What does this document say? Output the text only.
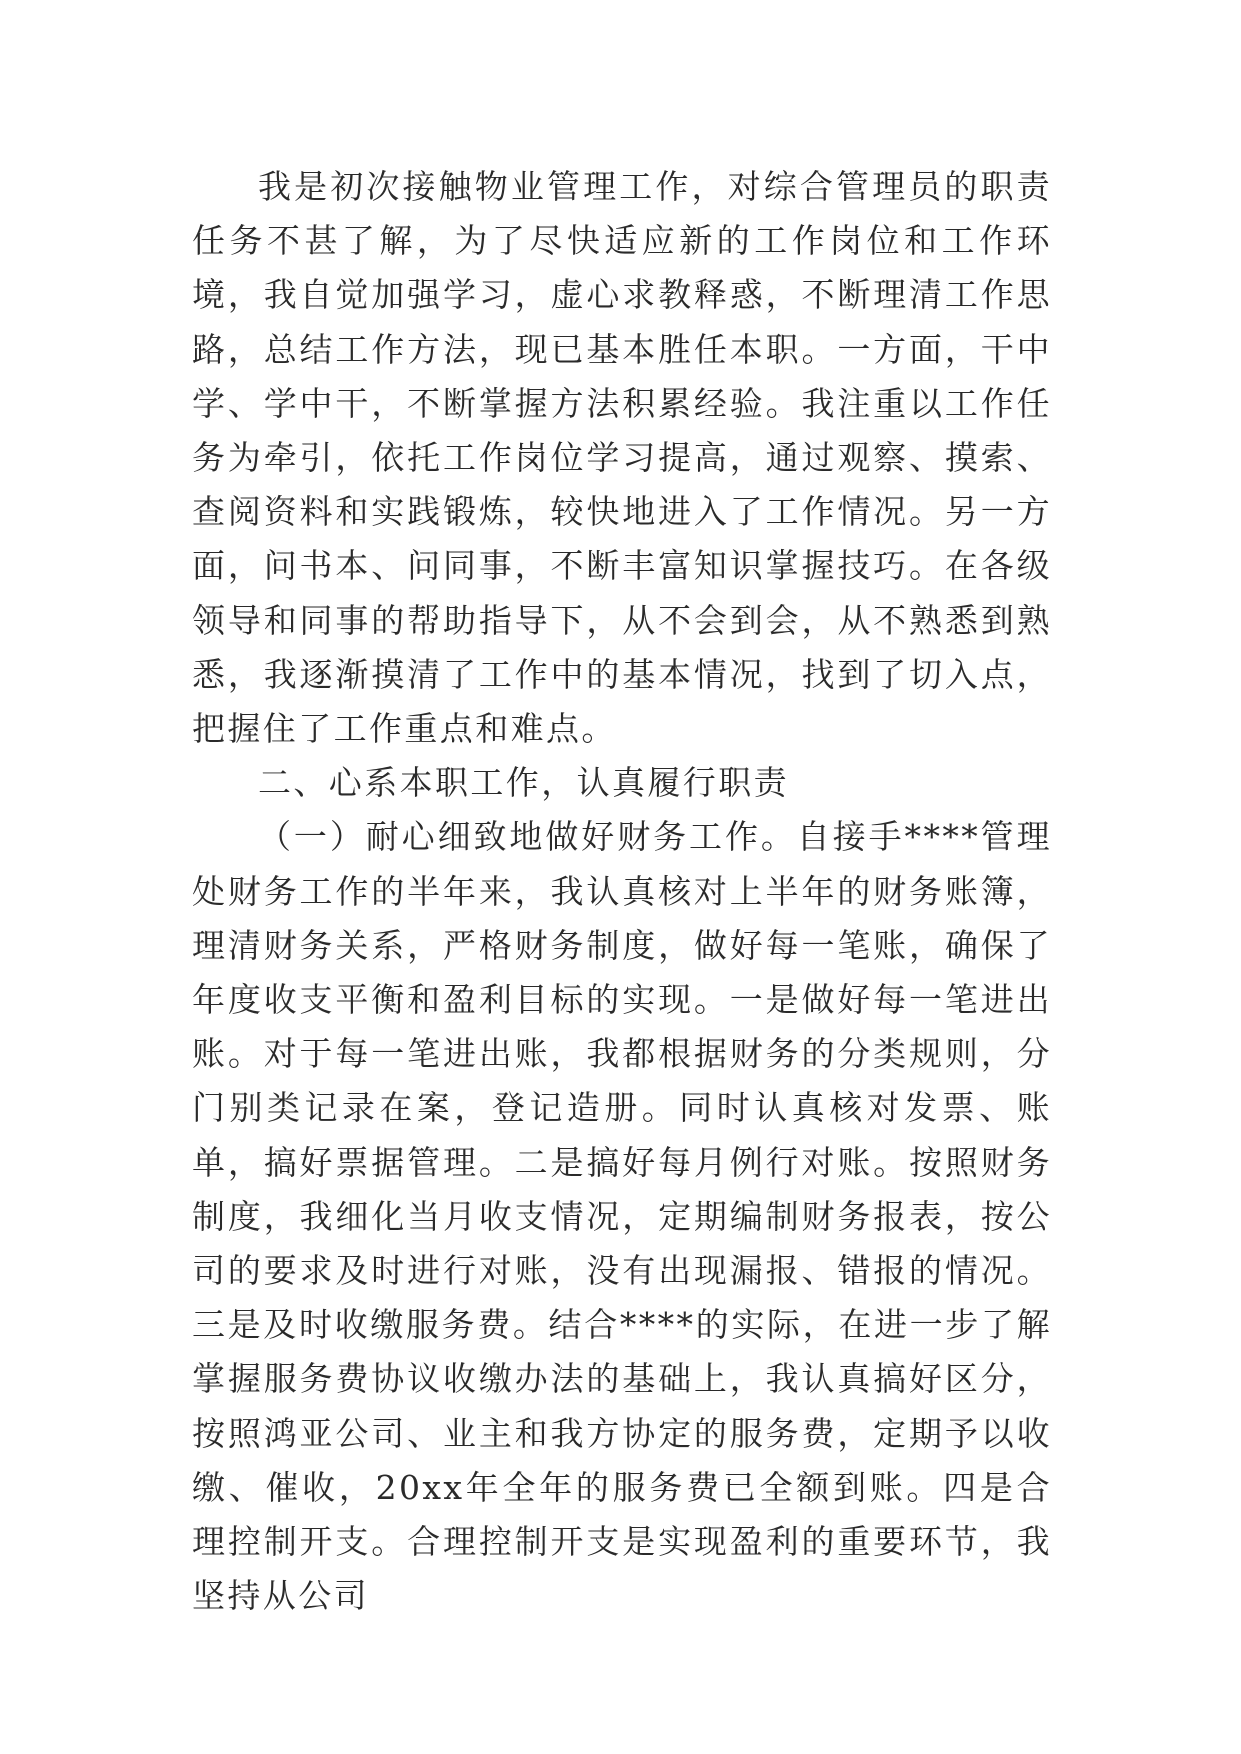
我是初次接触物业管理工作，对综合管理员的职责任务不甚了解，为了尽快适应新的工作岗位和工作环境，我自觉加强学习，虚心求教释惑，不断理清工作思路，总结工作方法，现已基本胜任本职。一方面，干中学、学中干，不断掌握方法积累经验。我注重以工作任务为牵引，依托工作岗位学习提高，通过观察、摸索、查阅资料和实践锻炼，较快地进入了工作情况。另一方面，问书本、问同事，不断丰富知识掌握技巧。在各级领导和同事的帮助指导下，从不会到会，从不熟悉到熟悉，我逐渐摸清了工作中的基本情况，找到了切入点，把握住了工作重点和难点。

二、心系本职工作，认真履行职责

（一）耐心细致地做好财务工作。自接手****管理处财务工作的半年来，我认真核对上半年的财务账簿，理清财务关系，严格财务制度，做好每一笔账，确保了年度收支平衡和盈利目标的实现。一是做好每一笔进出账。对于每一笔进出账，我都根据财务的分类规则，分门别类记录在案，登记造册。同时认真核对发票、账单，搞好票据管理。二是搞好每月例行对账。按照财务制度，我细化当月收支情况，定期编制财务报表，按公司的要求及时进行对账，没有出现漏报、错报的情况。三是及时收缴服务费。结合****的实际，在进一步了解掌握服务费协议收缴办法的基础上，我认真搞好区分，按照鸿亚公司、业主和我方协定的服务费，定期予以收缴、催收，20xx年全年的服务费已全额到账。四是合理控制开支。合理控制开支是实现盈利的重要环节，我坚持从公司
